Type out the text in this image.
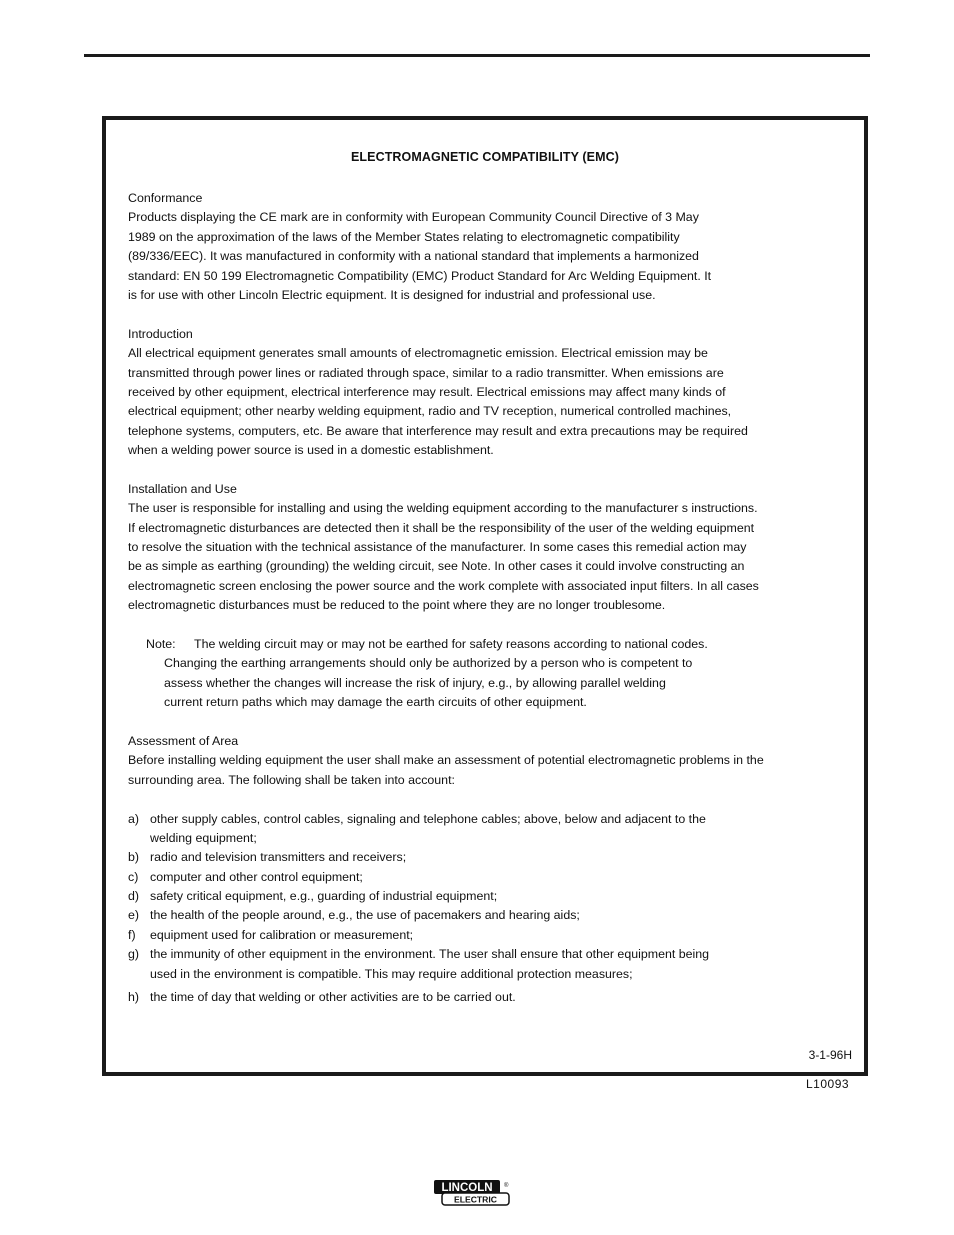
ELECTROMAGNETIC COMPATIBILITY (EMC)
Conformance
Products displaying the CE mark are in conformity with European Community Council Directive of 3 May
1989 on the approximation of the laws of the Member States relating to electromagnetic compatibility
(89/336/EEC). It was manufactured in conformity with a national standard that implements a harmonized
standard: EN 50 199 Electromagnetic Compatibility (EMC) Product Standard for Arc Welding Equipment. It
is for use with other Lincoln Electric equipment. It is designed for industrial and professional use.
Introduction
All electrical equipment generates small amounts of electromagnetic emission. Electrical emission may be
transmitted through power lines or radiated through space, similar to a radio transmitter. When emissions are
received by other equipment, electrical interference may result. Electrical emissions may affect many kinds of
electrical equipment; other nearby welding equipment, radio and TV reception, numerical controlled machines,
telephone systems, computers, etc. Be aware that interference may result and extra precautions may be required
when a welding power source is used in a domestic establishment.
Installation and Use
The user is responsible for installing and using the welding equipment according to the manufacturer s instructions.
If electromagnetic disturbances are detected then it shall be the responsibility of the user of the welding equipment
to resolve the situation with the technical assistance of the manufacturer. In some cases this remedial action may
be as simple as earthing (grounding) the welding circuit, see Note. In other cases it could involve constructing an
electromagnetic screen enclosing the power source and the work complete with associated input filters. In all cases
electromagnetic disturbances must be reduced to the point where they are no longer troublesome.
Note: The welding circuit may or may not be earthed for safety reasons according to national codes.
Changing the earthing arrangements should only be authorized by a person who is competent to
assess whether the changes will increase the risk of injury, e.g., by allowing parallel welding
current return paths which may damage the earth circuits of other equipment.
Assessment of Area
Before installing welding equipment the user shall make an assessment of potential electromagnetic problems in the
surrounding area. The following shall be taken into account:
a) other supply cables, control cables, signaling and telephone cables; above, below and adjacent to the
welding equipment;
b) radio and television transmitters and receivers;
c) computer and other control equipment;
d) safety critical equipment, e.g., guarding of industrial equipment;
e) the health of the people around, e.g., the use of pacemakers and hearing aids;
f) equipment used for calibration or measurement;
g) the immunity of other equipment in the environment. The user shall ensure that other equipment being
used in the environment is compatible. This may require additional protection measures;
h) the time of day that welding or other activities are to be carried out.
3-1-96H
L10093
LINCOLN
ELECTRIC
®
